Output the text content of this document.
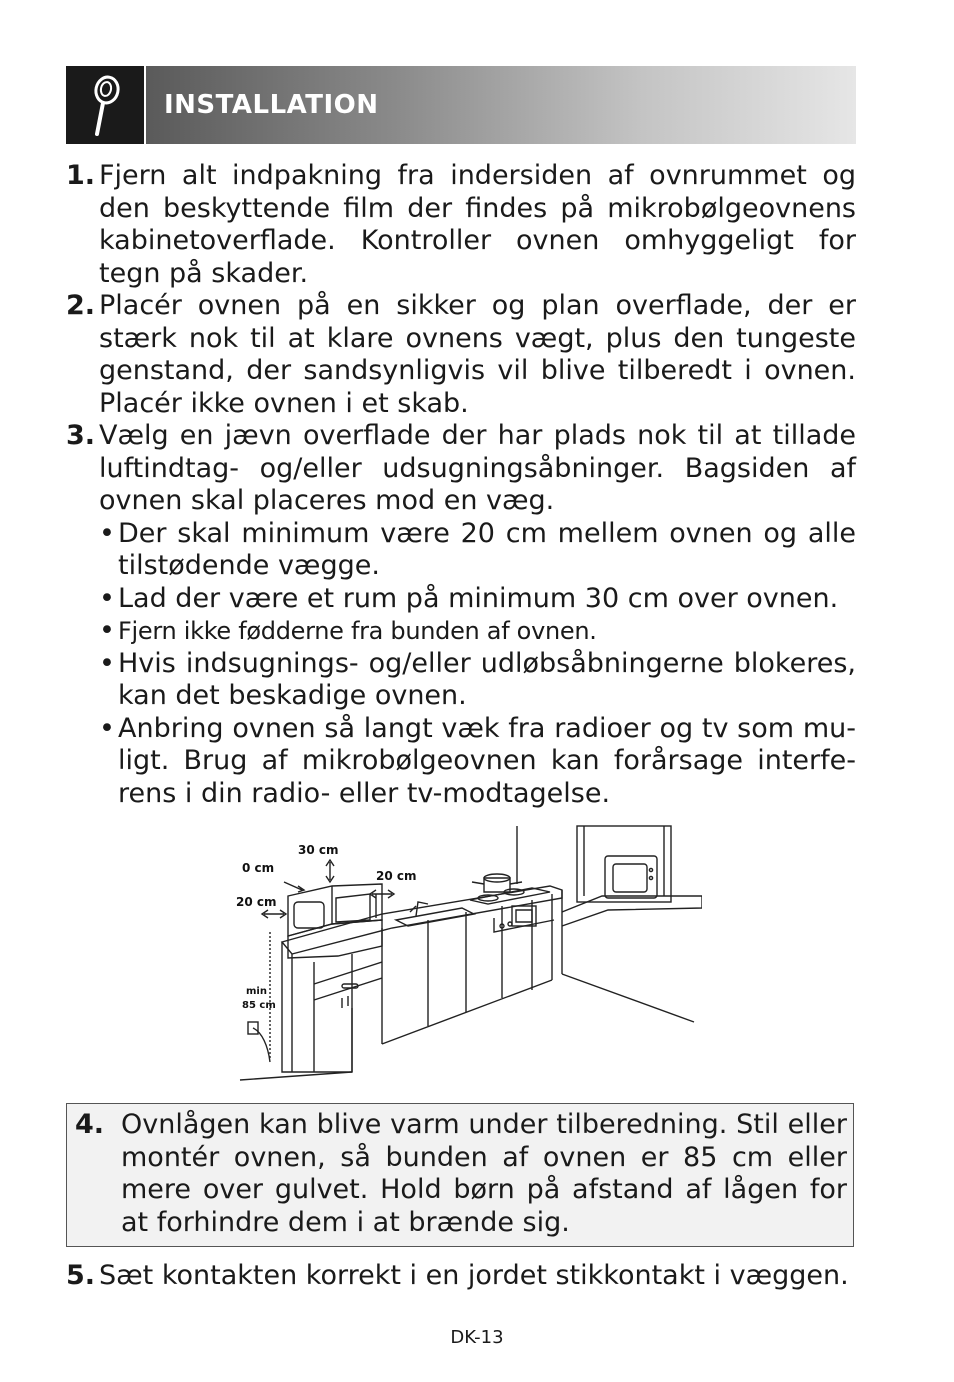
INSTALLATION
1. Fjern alt indpakning fra indersiden af ovnrummet og den beskyttende film der findes på mikrobølgeovnens kabinetoverflade. Kontroller ovnen omhyggeligt for tegn på skader.
2. Placér ovnen på en sikker og plan overflade, der er stærk nok til at klare ovnens vægt, plus den tungeste genstand, der sandsynligvis vil blive tilberedt i ovnen. Placér ikke ovnen i et skab.
3. Vælg en jævn overflade der har plads nok til at tillade luftindtag- og/eller udsugningsåbninger. Bagsiden af ovnen skal placeres mod en væg.
• Der skal minimum være 20 cm mellem ovnen og alle tilstødende vægge.
• Lad der være et rum på minimum 30 cm over ovnen.
• Fjern ikke fødderne fra bunden af ovnen.
• Hvis indsugnings- og/eller udløbsåbningerne blokeres, kan det beskadige ovnen.
• Anbring ovnen så langt væk fra radioer og tv som muligt. Brug af mikrobølgeovnen kan forårsage interferens i din radio- eller tv-modtagelse.
30 cm
0 cm
20 cm
20 cm
min
85 cm
4. Ovnlågen kan blive varm under tilberedning. Stil eller montér ovnen, så bunden af ovnen er 85 cm eller mere over gulvet. Hold børn på afstand af lågen for at forhindre dem i at brænde sig.
5. Sæt kontakten korrekt i en jordet stikkontakt i væggen.
DK-13
